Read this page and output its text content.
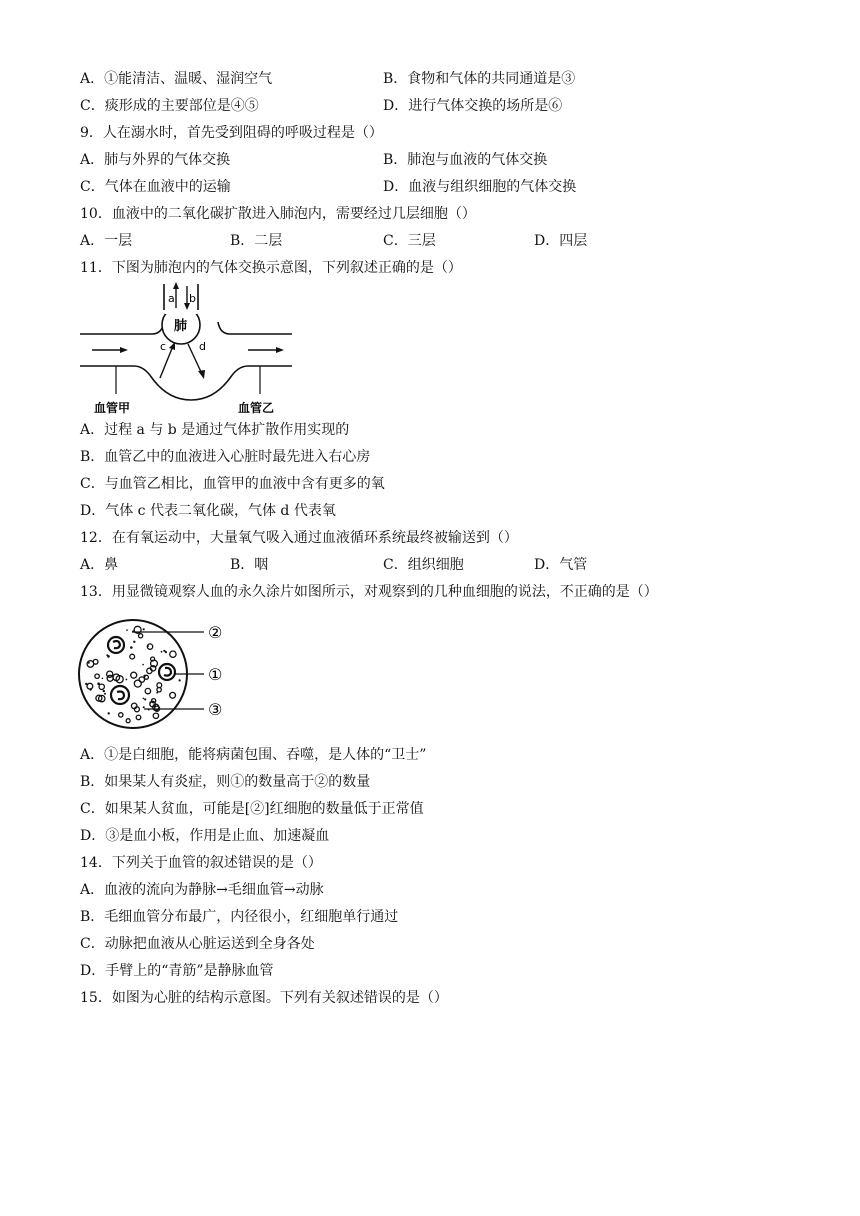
A．①能清洁、温暖、湿润空气	B．食物和气体的共同通道是③
C．痰形成的主要部位是④⑤	D．进行气体交换的场所是⑥
9．人在溺水时，首先受到阻碍的呼吸过程是（）
A．肺与外界的气体交换	B．肺泡与血液的气体交换
C．气体在血液中的运输	D．血液与组织细胞的气体交换
10．血液中的二氧化碳扩散进入肺泡内，需要经过几层细胞（）
A．一层	B．二层	C．三层	D．四层
11．下图为肺泡内的气体交换示意图，下列叙述正确的是（）
a b
肺
c	d
血管甲	血管乙
A．过程 a 与 b 是通过气体扩散作用实现的
B．血管乙中的血液进入心脏时最先进入右心房
C．与血管乙相比，血管甲的血液中含有更多的氧
D．气体 c 代表二氧化碳，气体 d 代表氧
12．在有氧运动中，大量氧气吸入通过血液循环系统最终被输送到（）
A．鼻	B．咽	C．组织细胞	D．气管
13．用显微镜观察人血的永久涂片如图所示，对观察到的几种血细胞的说法，不正确的是（）
②
①
③
A．①是白细胞，能将病菌包围、吞噬，是人体的“卫士”
B．如果某人有炎症，则①的数量高于②的数量
C．如果某人贫血，可能是[②]红细胞的数量低于正常值
D．③是血小板，作用是止血、加速凝血
14．下列关于血管的叙述错误的是（）
A．血液的流向为静脉→毛细血管→动脉
B．毛细血管分布最广，内径很小，红细胞单行通过
C．动脉把血液从心脏运送到全身各处
D．手臂上的“青筋”是静脉血管
15．如图为心脏的结构示意图。下列有关叙述错误的是（）
